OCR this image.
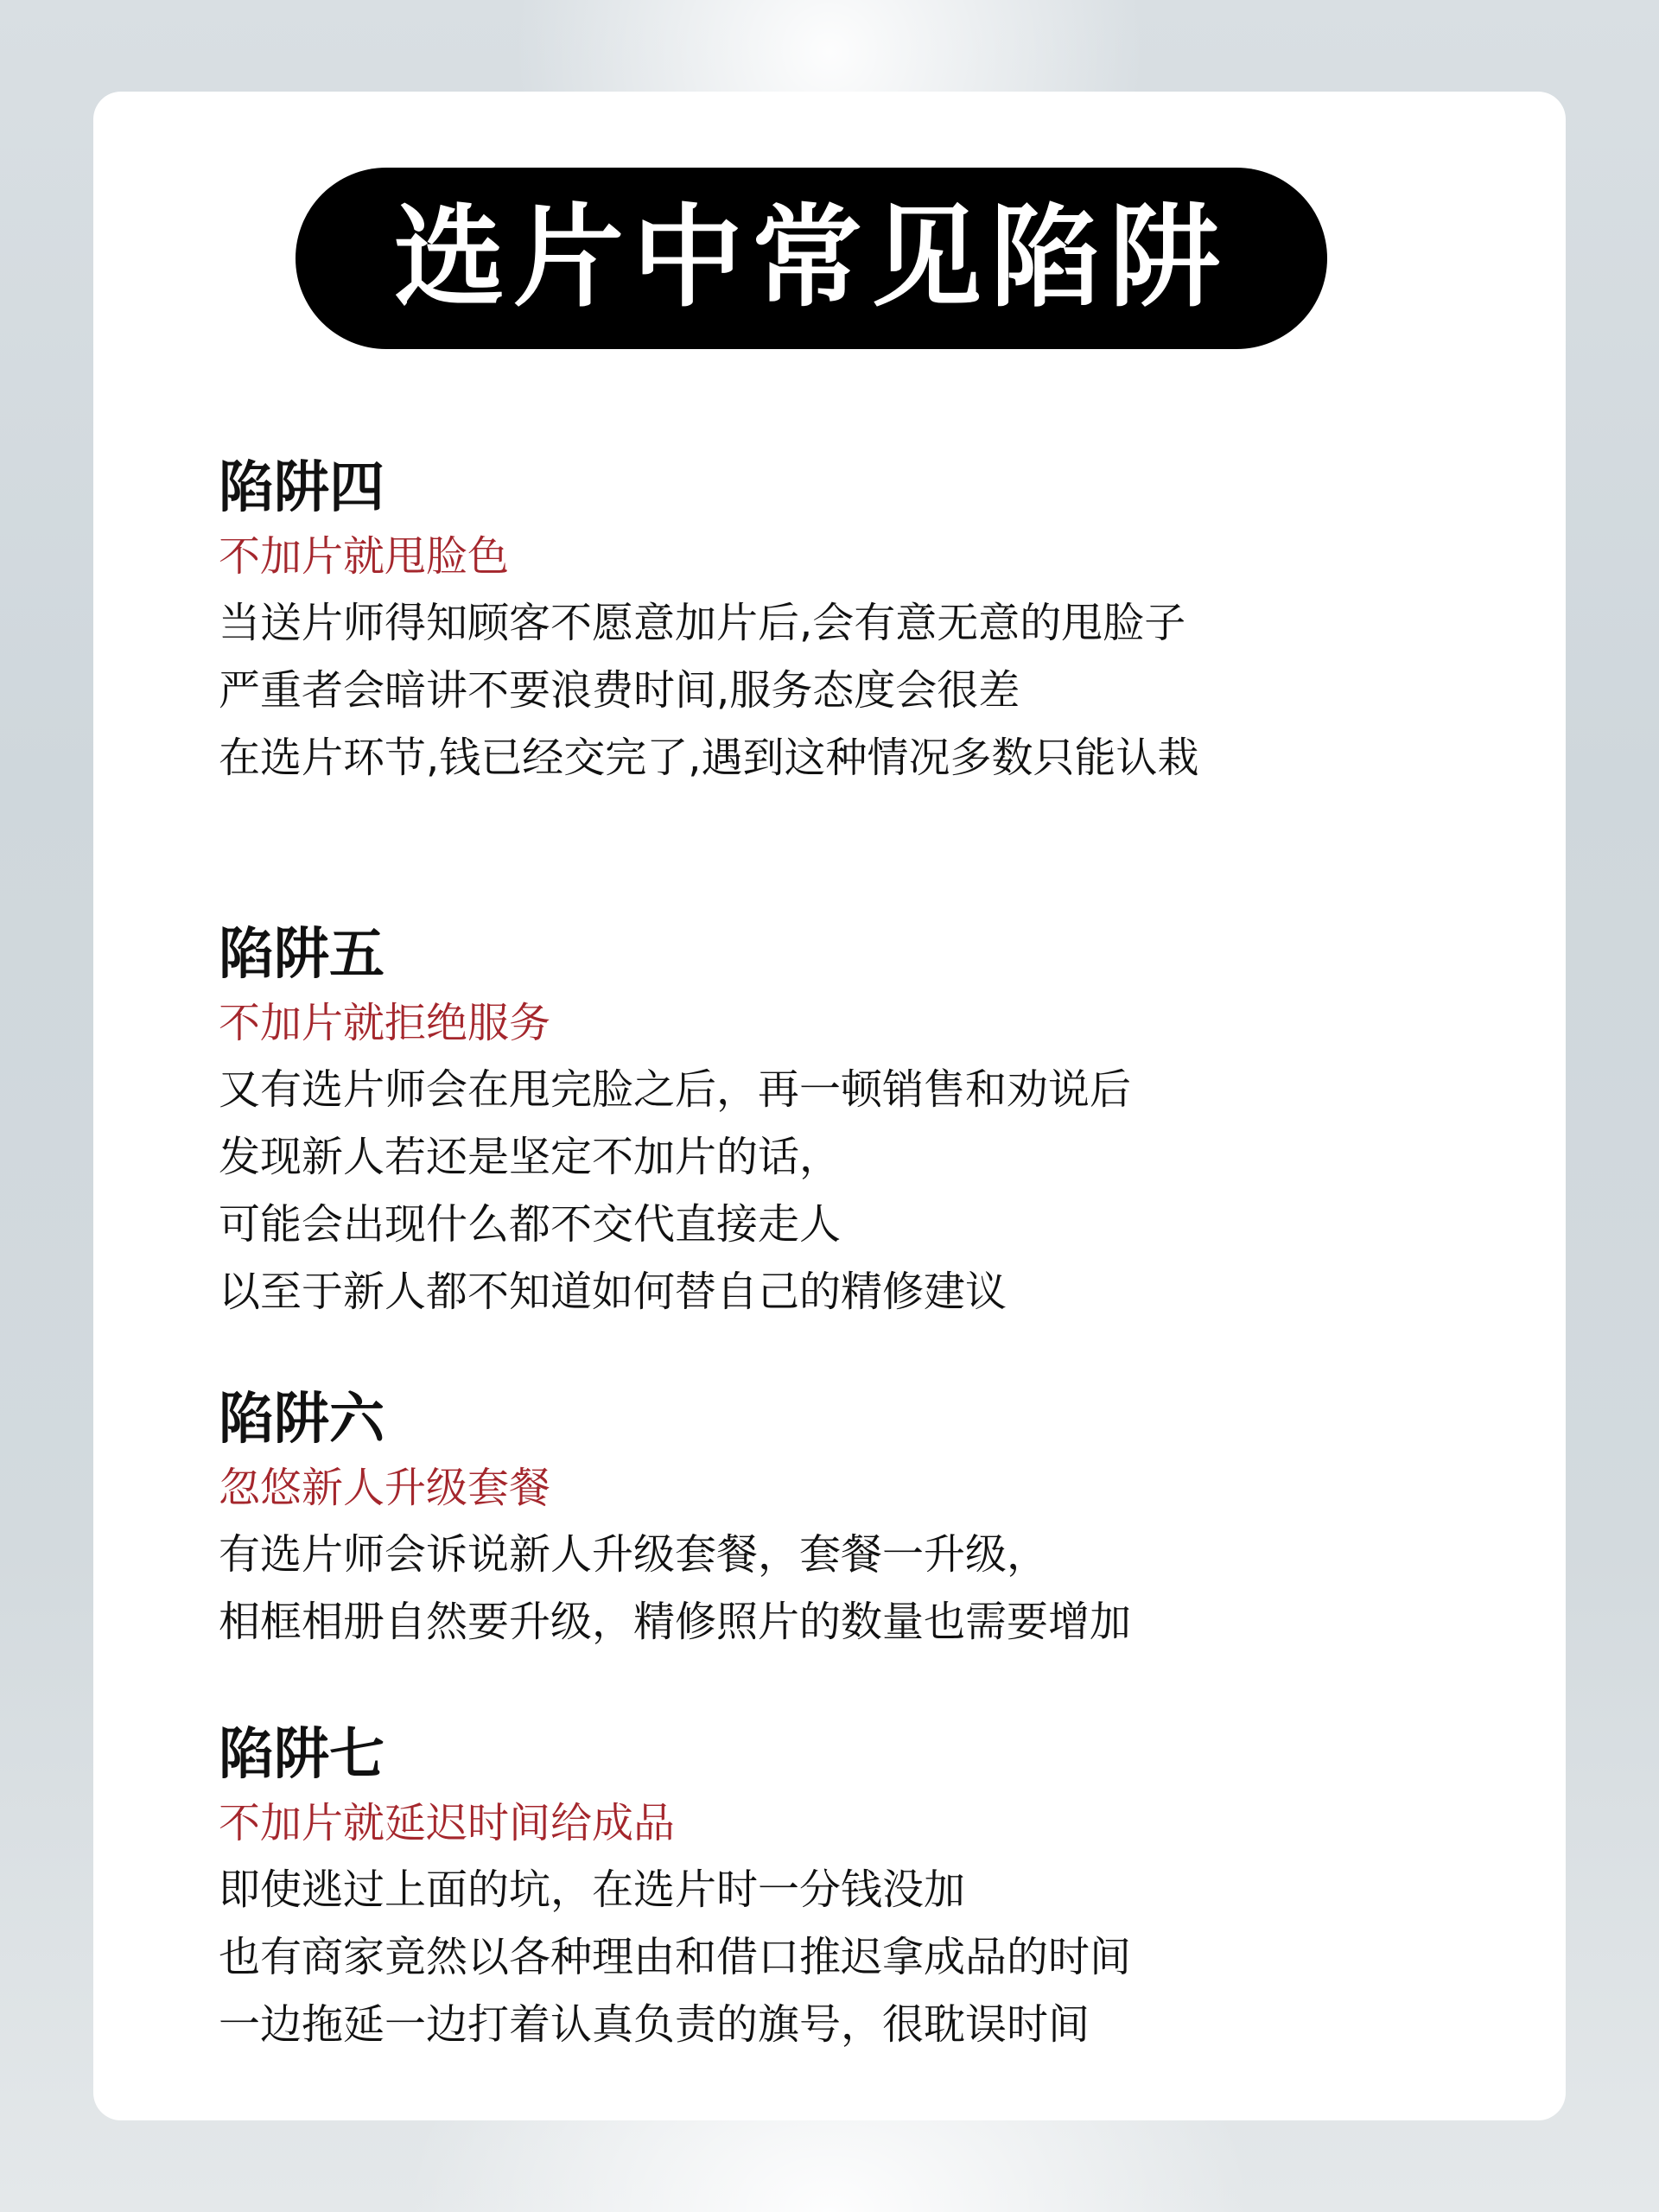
选片中常见陷阱
陷阱四
不加片就甩脸色
当送片师得知顾客不愿意加片后,会有意无意的甩脸子
严重者会暗讲不要浪费时间,服务态度会很差
在选片环节,钱已经交完了,遇到这种情况多数只能认栽
陷阱五
不加片就拒绝服务
又有选片师会在甩完脸之后，再一顿销售和劝说后
发现新人若还是坚定不加片的话，
可能会出现什么都不交代直接走人
以至于新人都不知道如何替自己的精修建议
陷阱六
忽悠新人升级套餐
有选片师会诉说新人升级套餐，套餐一升级，
相框相册自然要升级，精修照片的数量也需要增加
陷阱七
不加片就延迟时间给成品
即使逃过上面的坑，在选片时一分钱没加
也有商家竟然以各种理由和借口推迟拿成品的时间
一边拖延一边打着认真负责的旗号，很耽误时间
